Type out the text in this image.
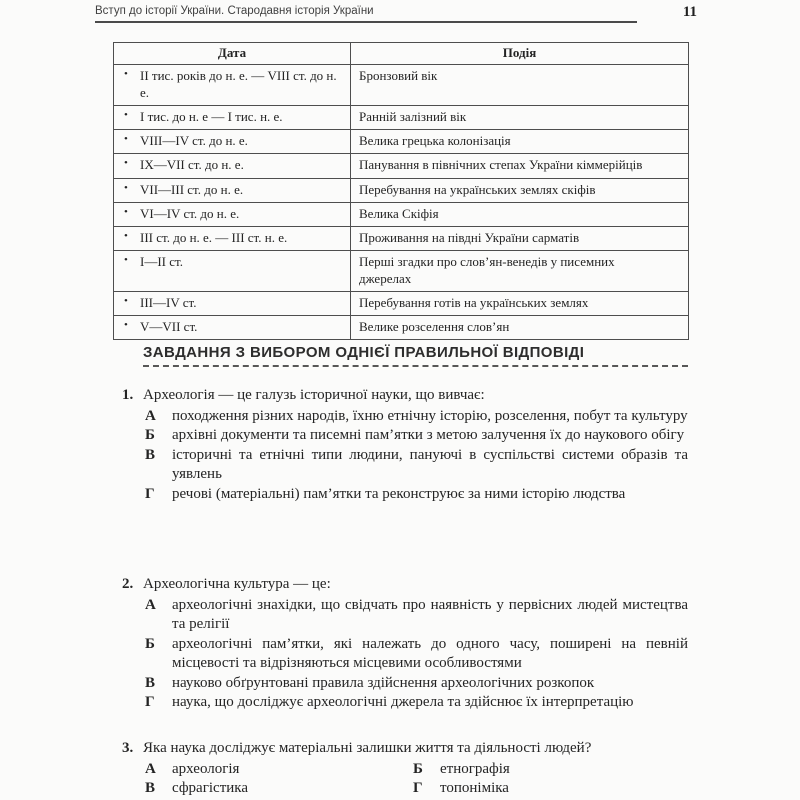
Вступ до історії України. Стародавня історія України	11
Дата	Подія

• ІІ тис. років до н. е. — VIII ст. до н. е.	Бронзовий вік

• І тис. до н. е — І тис. н. е.	Ранній залізний вік

• VIII—IV ст. до н. е.	Велика грецька колонізація

• IX—VII ст. до н. е.	Панування в північних степах України кіммерійців

• VII—III ст. до н. е.	Перебування на українських землях скіфів

• VI—IV ст. до н. е.	Велика Скіфія

• III ст. до н. е. — III ст. н. е.	Проживання на півдні України сарматів

• I—II ст.	Перші згадки про слов’ян-венедів у писемних джерелах

• III—IV ст.	Перебування готів на українських землях

• V—VII ст.	Велике розселення слов’ян
ЗАВДАННЯ З ВИБОРОМ ОДНІЄЇ ПРАВИЛЬНОЇ ВІДПОВІДІ
1. Археологія — це галузь історичної науки, що вивчає:
А	походження різних народів, їхню етнічну історію, розселення, побут та культуру
Б	архівні документи та писемні пам’ятки з метою залучення їх до наукового обігу
В	історичні та етнічні типи людини, пануючі в суспільстві системи образів та уявлень
Г	речові (матеріальні) пам’ятки та реконструює за ними історію людства
2. Археологічна культура — це:
А	археологічні знахідки, що свідчать про наявність у первісних людей мистецтва та релігії
Б	археологічні пам’ятки, які належать до одного часу, поширені на певній місцевості та відрізняються місцевими особливостями
В	науково обґрунтовані правила здійснення археологічних розкопок
Г	наука, що досліджує археологічні джерела та здійснює їх інтерпретацію
3. Яка наука досліджує матеріальні залишки життя та діяльності людей?
А	археологія	Б	етнографія
В	сфрагістика	Г	топоніміка
